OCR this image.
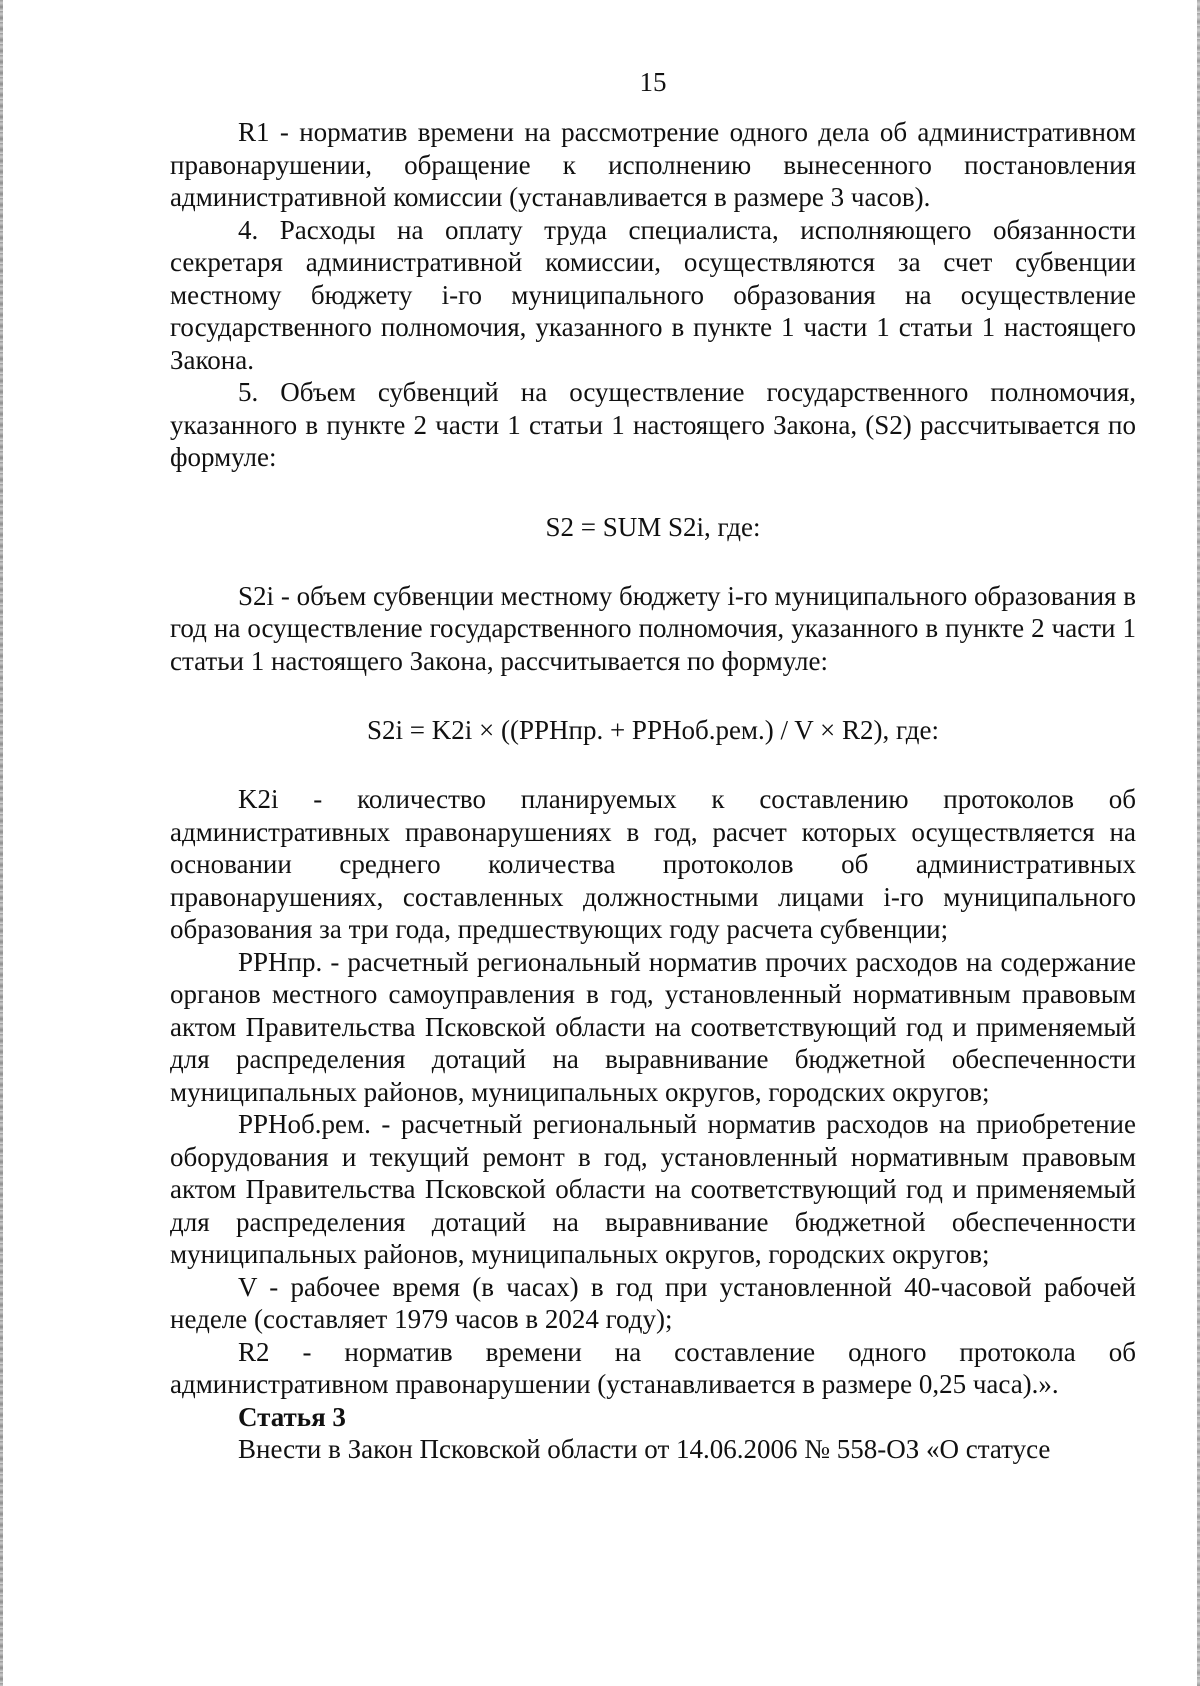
15

R1 - норматив времени на рассмотрение одного дела об административном правонарушении, обращение к исполнению вынесенного постановления административной комиссии (устанавливается в размере 3 часов).

4. Расходы на оплату труда специалиста, исполняющего обязанности секретаря административной комиссии, осуществляются за счет субвенции местному бюджету i-го муниципального образования на осуществление государственного полномочия, указанного в пункте 1 части 1 статьи 1 настоящего Закона.

5. Объем субвенций на осуществление государственного полномочия, указанного в пункте 2 части 1 статьи 1 настоящего Закона, (S2) рассчитывается по формуле:

S2 = SUM S2i, где:

S2i - объем субвенции местному бюджету i-го муниципального образования в год на осуществление государственного полномочия, указанного в пункте 2 части 1 статьи 1 настоящего Закона, рассчитывается по формуле:

S2i = K2i × ((PPHпр. + PPHоб.рем.) / V × R2), где:

K2i - количество планируемых к составлению протоколов об административных правонарушениях в год, расчет которых осуществляется на основании среднего количества протоколов об административных правонарушениях, составленных должностными лицами i-го муниципального образования за три года, предшествующих году расчета субвенции;

PPHпр. - расчетный региональный норматив прочих расходов на содержание органов местного самоуправления в год, установленный нормативным правовым актом Правительства Псковской области на соответствующий год и применяемый для распределения дотаций на выравнивание бюджетной обеспеченности муниципальных районов, муниципальных округов, городских округов;

PPHоб.рем. - расчетный региональный норматив расходов на приобретение оборудования и текущий ремонт в год, установленный нормативным правовым актом Правительства Псковской области на соответствующий год и применяемый для распределения дотаций на выравнивание бюджетной обеспеченности муниципальных районов, муниципальных округов, городских округов;

V - рабочее время (в часах) в год при установленной 40-часовой рабочей неделе (составляет 1979 часов в 2024 году);

R2 - норматив времени на составление одного протокола об административном правонарушении (устанавливается в размере 0,25 часа).».

Статья 3

Внести в Закон Псковской области от 14.06.2006 № 558-ОЗ «О статусе
